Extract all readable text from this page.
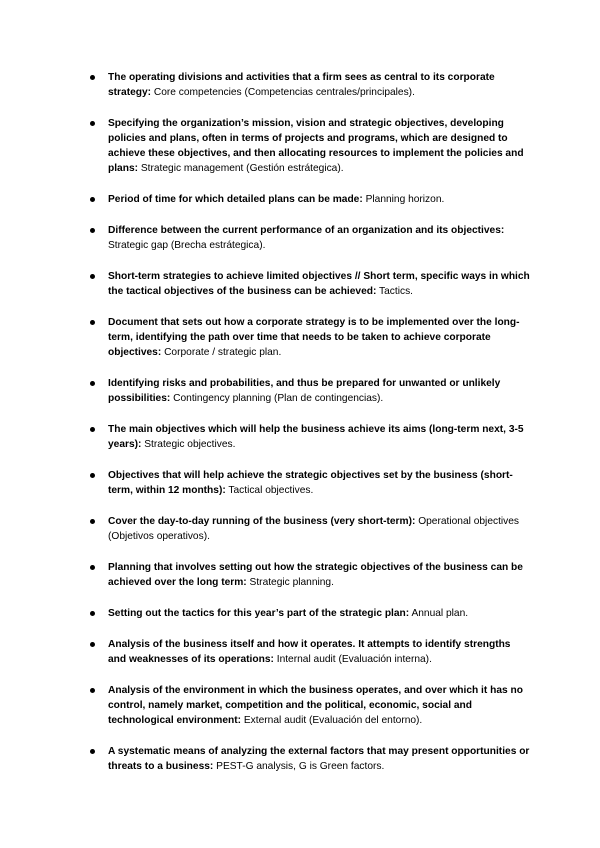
The operating divisions and activities that a firm sees as central to its corporate strategy: Core competencies (Competencias centrales/principales).
Specifying the organization’s mission, vision and strategic objectives, developing policies and plans, often in terms of projects and programs, which are designed to achieve these objectives, and then allocating resources to implement the policies and plans: Strategic management (Gestión estrátegica).
Period of time for which detailed plans can be made: Planning horizon.
Difference between the current performance of an organization and its objectives: Strategic gap (Brecha estrátegica).
Short-term strategies to achieve limited objectives // Short term, specific ways in which the tactical objectives of the business can be achieved: Tactics.
Document that sets out how a corporate strategy is to be implemented over the long-term, identifying the path over time that needs to be taken to achieve corporate objectives: Corporate / strategic plan.
Identifying risks and probabilities, and thus be prepared for unwanted or unlikely possibilities: Contingency planning (Plan de contingencias).
The main objectives which will help the business achieve its aims (long-term next, 3-5 years): Strategic objectives.
Objectives that will help achieve the strategic objectives set by the business (short-term, within 12 months): Tactical objectives.
Cover the day-to-day running of the business (very short-term): Operational objectives (Objetivos operativos).
Planning that involves setting out how the strategic objectives of the business can be achieved over the long term: Strategic planning.
Setting out the tactics for this year’s part of the strategic plan: Annual plan.
Analysis of the business itself and how it operates. It attempts to identify strengths and weaknesses of its operations: Internal audit (Evaluación interna).
Analysis of the environment in which the business operates, and over which it has no control, namely market, competition and the political, economic, social and technological environment: External audit (Evaluación del entorno).
A systematic means of analyzing the external factors that may present opportunities or threats to a business: PEST-G analysis, G is Green factors.
